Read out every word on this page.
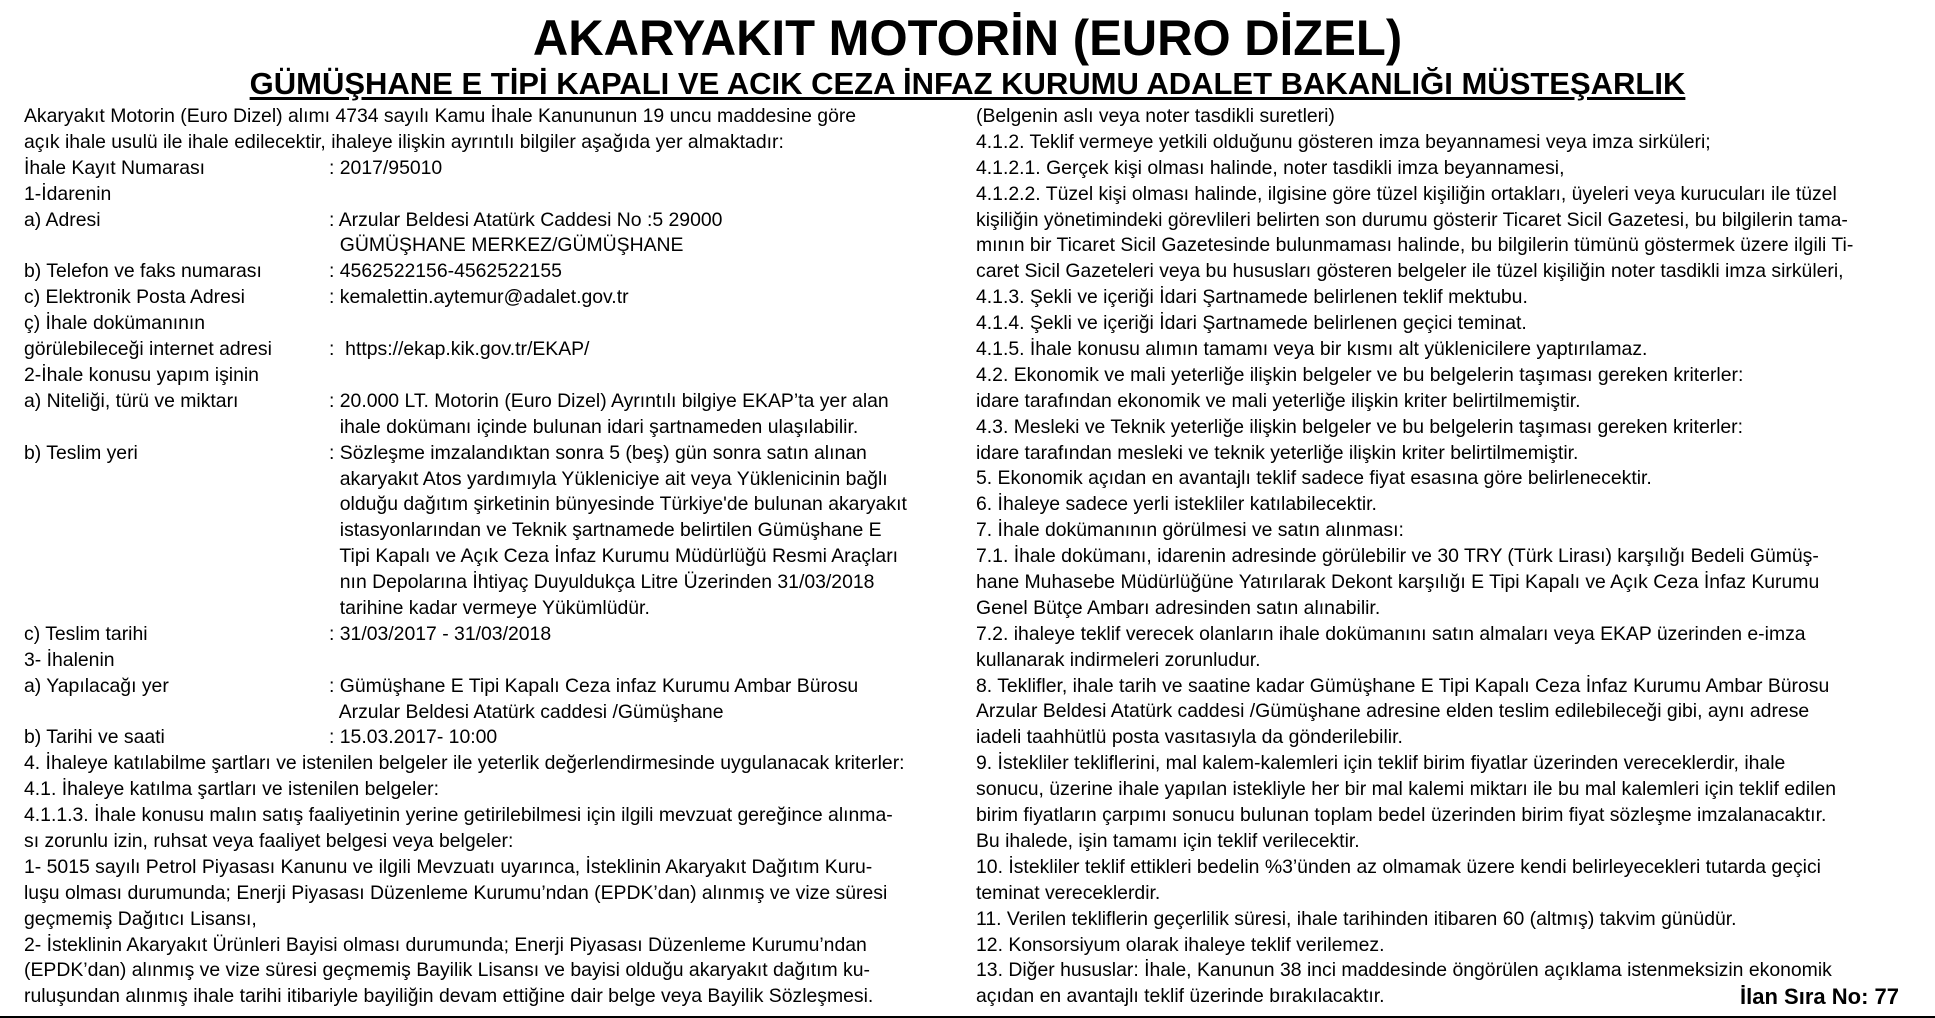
AKARYAKIT MOTORİN (EURO DİZEL)
GÜMÜŞHANE E TİPİ KAPALI VE ACIK CEZA İNFAZ KURUMU ADALET BAKANLIĞI MÜSTEŞARLIK
Akaryakıt Motorin (Euro Dizel) alımı 4734 sayılı Kamu İhale Kanununun 19 uncu maddesine göre
açık ihale usulü ile ihale edilecektir, ihaleye ilişkin ayrıntılı bilgiler aşağıda yer almaktadır:
İhale Kayıt Numarası	: 2017/95010
1-İdarenin
a) Adresi	: Arzular Beldesi Atatürk Caddesi No :5 29000
GÜMÜŞHANE MERKEZ/GÜMÜŞHANE
b) Telefon ve faks numarası	: 4562522156-4562522155
c) Elektronik Posta Adresi	: kemalettin.aytemur@adalet.gov.tr
ç) İhale dokümanının
görülebileceği internet adresi	:  https://ekap.kik.gov.tr/EKAP/
2-İhale konusu yapım işinin
a) Niteliği, türü ve miktarı	: 20.000 LT. Motorin (Euro Dizel) Ayrıntılı bilgiye EKAP’ta yer alan
ihale dokümanı içinde bulunan idari şartnameden ulaşılabilir.
b) Teslim yeri	: Sözleşme imzalandıktan sonra 5 (beş) gün sonra satın alınan
akaryakıt Atos yardımıyla Yükleniciye ait veya Yüklenicinin bağlı
olduğu dağıtım şirketinin bünyesinde Türkiye'de bulunan akaryakıt
istasyonlarından ve Teknik şartnamede belirtilen Gümüşhane E
Tipi Kapalı ve Açık Ceza İnfaz Kurumu Müdürlüğü Resmi Araçları
nın Depolarına İhtiyaç Duyuldukça Litre Üzerinden 31/03/2018
tarihine kadar vermeye Yükümlüdür.
c) Teslim tarihi	: 31/03/2017 - 31/03/2018
3- İhalenin
a) Yapılacağı yer	: Gümüşhane E Tipi Kapalı Ceza infaz Kurumu Ambar Bürosu
Arzular Beldesi Atatürk caddesi /Gümüşhane
b) Tarihi ve saati	: 15.03.2017- 10:00
4. İhaleye katılabilme şartları ve istenilen belgeler ile yeterlik değerlendirmesinde uygulanacak kriterler:
4.1. İhaleye katılma şartları ve istenilen belgeler:
4.1.1.3. İhale konusu malın satış faaliyetinin yerine getirilebilmesi için ilgili mevzuat gereğince alınma-
sı zorunlu izin, ruhsat veya faaliyet belgesi veya belgeler:
1- 5015 sayılı Petrol Piyasası Kanunu ve ilgili Mevzuatı uyarınca, İsteklinin Akaryakıt Dağıtım Kuru-
luşu olması durumunda; Enerji Piyasası Düzenleme Kurumu’ndan (EPDK’dan) alınmış ve vize süresi
geçmemiş Dağıtıcı Lisansı,
2- İsteklinin Akaryakıt Ürünleri Bayisi olması durumunda; Enerji Piyasası Düzenleme Kurumu’ndan
(EPDK’dan) alınmış ve vize süresi geçmemiş Bayilik Lisansı ve bayisi olduğu akaryakıt dağıtım ku-
ruluşundan alınmış ihale tarihi itibariyle bayiliğin devam ettiğine dair belge veya Bayilik Sözleşmesi.
(Belgenin aslı veya noter tasdikli suretleri)
4.1.2. Teklif vermeye yetkili olduğunu gösteren imza beyannamesi veya imza sirküleri;
4.1.2.1. Gerçek kişi olması halinde, noter tasdikli imza beyannamesi,
4.1.2.2. Tüzel kişi olması halinde, ilgisine göre tüzel kişiliğin ortakları, üyeleri veya kurucuları ile tüzel
kişiliğin yönetimindeki görevlileri belirten son durumu gösterir Ticaret Sicil Gazetesi, bu bilgilerin tama-
mının bir Ticaret Sicil Gazetesinde bulunmaması halinde, bu bilgilerin tümünü göstermek üzere ilgili Ti-
caret Sicil Gazeteleri veya bu hususları gösteren belgeler ile tüzel kişiliğin noter tasdikli imza sirküleri,
4.1.3. Şekli ve içeriği İdari Şartnamede belirlenen teklif mektubu.
4.1.4. Şekli ve içeriği İdari Şartnamede belirlenen geçici teminat.
4.1.5. İhale konusu alımın tamamı veya bir kısmı alt yüklenicilere yaptırılamaz.
4.2. Ekonomik ve mali yeterliğe ilişkin belgeler ve bu belgelerin taşıması gereken kriterler:
idare tarafından ekonomik ve mali yeterliğe ilişkin kriter belirtilmemiştir.
4.3. Mesleki ve Teknik yeterliğe ilişkin belgeler ve bu belgelerin taşıması gereken kriterler:
idare tarafından mesleki ve teknik yeterliğe ilişkin kriter belirtilmemiştir.
5. Ekonomik açıdan en avantajlı teklif sadece fiyat esasına göre belirlenecektir.
6. İhaleye sadece yerli istekliler katılabilecektir.
7. İhale dokümanının görülmesi ve satın alınması:
7.1. İhale dokümanı, idarenin adresinde görülebilir ve 30 TRY (Türk Lirası) karşılığı Bedeli Gümüş-
hane Muhasebe Müdürlüğüne Yatırılarak Dekont karşılığı E Tipi Kapalı ve Açık Ceza İnfaz Kurumu
Genel Bütçe Ambarı adresinden satın alınabilir.
7.2. ihaleye teklif verecek olanların ihale dokümanını satın almaları veya EKAP üzerinden e-imza
kullanarak indirmeleri zorunludur.
8. Teklifler, ihale tarih ve saatine kadar Gümüşhane E Tipi Kapalı Ceza İnfaz Kurumu Ambar Bürosu
Arzular Beldesi Atatürk caddesi /Gümüşhane adresine elden teslim edilebileceği gibi, aynı adrese
iadeli taahhütlü posta vasıtasıyla da gönderilebilir.
9. İstekliler tekliflerini, mal kalem-kalemleri için teklif birim fiyatlar üzerinden vereceklerdir, ihale
sonucu, üzerine ihale yapılan istekliyle her bir mal kalemi miktarı ile bu mal kalemleri için teklif edilen
birim fiyatların çarpımı sonucu bulunan toplam bedel üzerinden birim fiyat sözleşme imzalanacaktır.
Bu ihalede, işin tamamı için teklif verilecektir.
10. İstekliler teklif ettikleri bedelin %3’ünden az olmamak üzere kendi belirleyecekleri tutarda geçici
teminat vereceklerdir.
11. Verilen tekliflerin geçerlilik süresi, ihale tarihinden itibaren 60 (altmış) takvim günüdür.
12. Konsorsiyum olarak ihaleye teklif verilemez.
13. Diğer hususlar: İhale, Kanunun 38 inci maddesinde öngörülen açıklama istenmeksizin ekonomik
açıdan en avantajlı teklif üzerinde bırakılacaktır.	İlan Sıra No: 77
